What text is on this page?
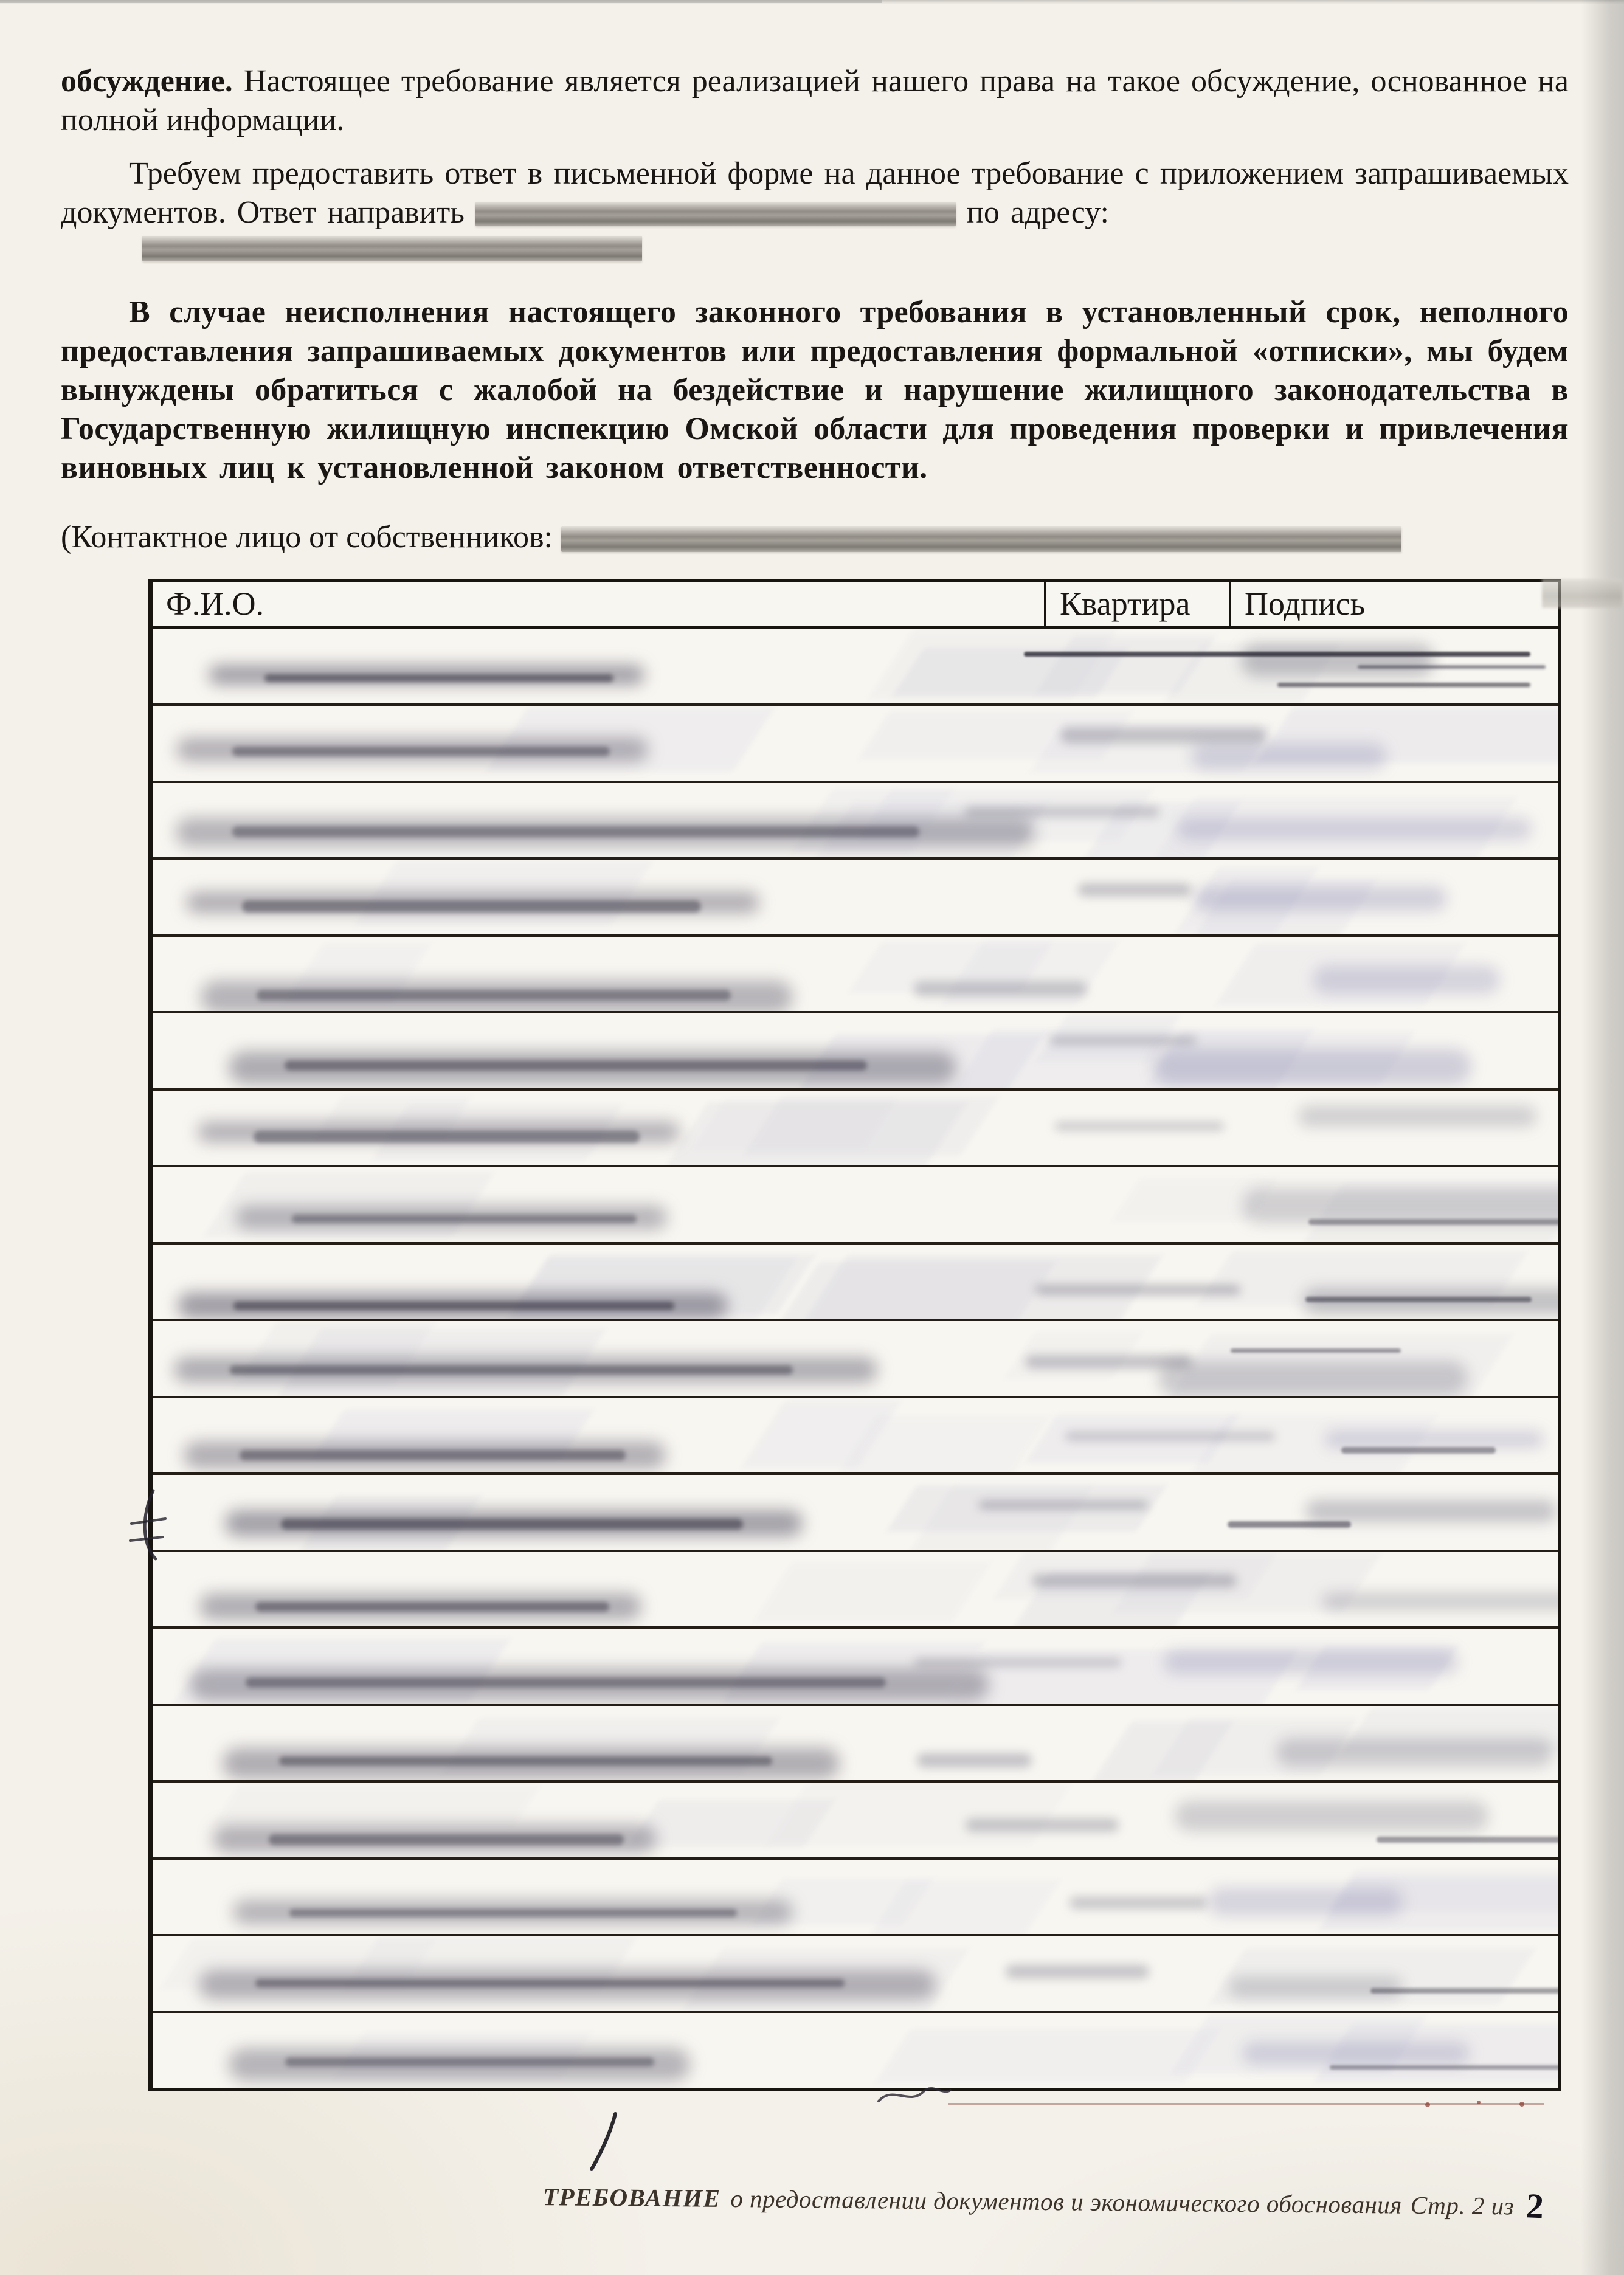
обсуждение. Настоящее требование является реализацией нашего права на такое обсуждение, основанное на полной информации.

Требуем предоставить ответ в письменной форме на данное требование с приложением запрашиваемых документов. Ответ направить	по адресу:

В случае неисполнения настоящего законного требования в установленный срок, неполного предоставления запрашиваемых документов или предоставления формальной «отписки», мы будем вынуждены обратиться с жалобой на бездействие и нарушение жилищного законодательства в Государственную жилищную инспекцию Омской области для проведения проверки и привлечения виновных лиц к установленной законом ответственности.

(Контактное лицо от собственников:

Ф.И.О.	Квартира	Подпись
ТРЕБОВАНИЕ о предоставлении документов и экономического обоснования Стр. 2 из 2
